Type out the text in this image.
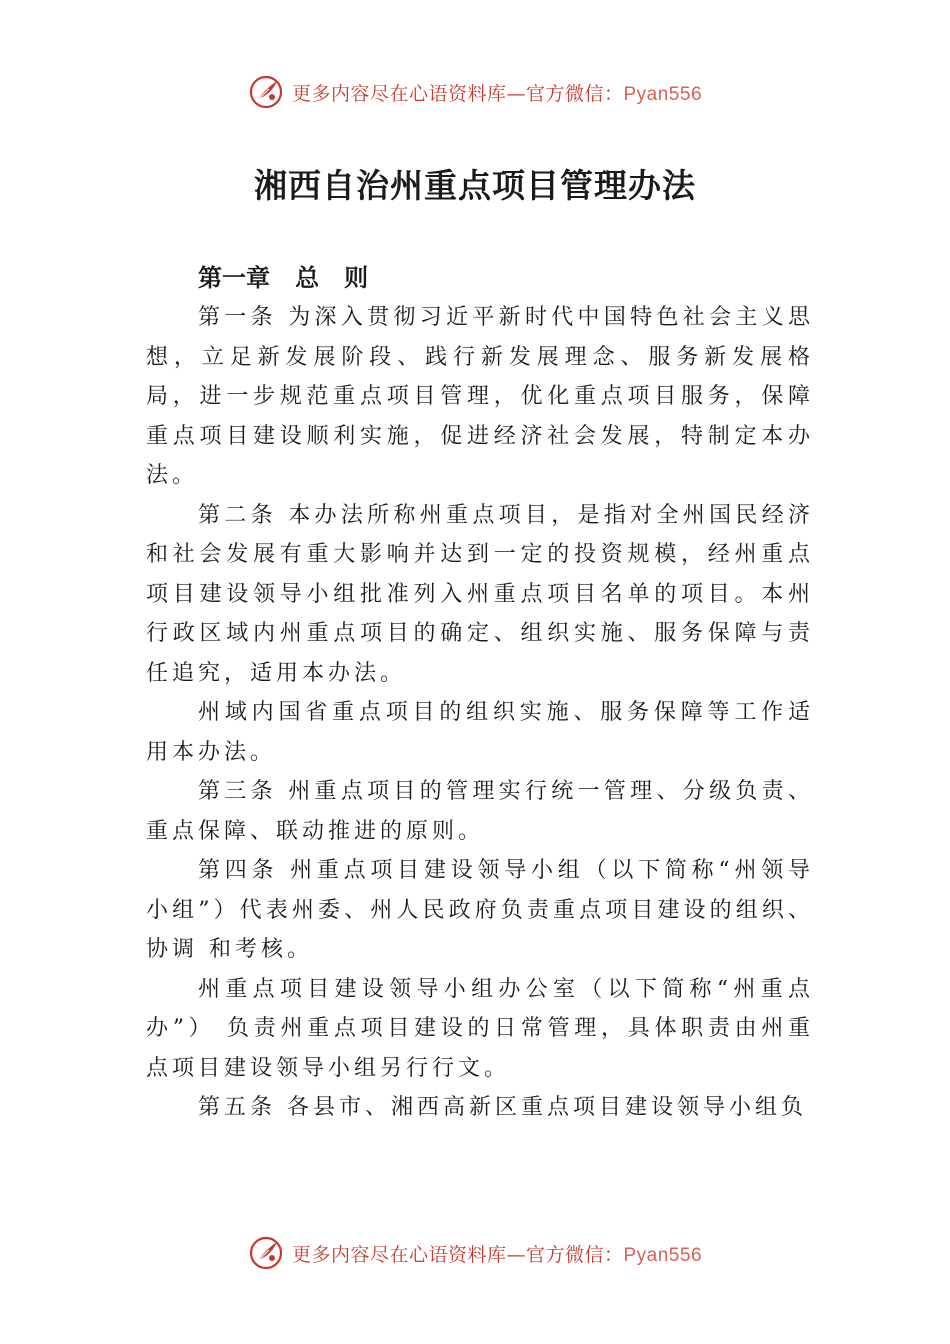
更多内容尽在心语资料库—官方微信：Pyan556
湘西自治州重点项目管理办法

第一章   总   则

第一条 为深入贯彻习近平新时代中国特色社会主义思想，立足新发展阶段、践行新发展理念、服务新发展格局，进一步规范重点项目管理，优化重点项目服务，保障重点项目建设顺利实施，促进经济社会发展，特制定本办法。

第二条 本办法所称州重点项目，是指对全州国民经济和社会发展有重大影响并达到一定的投资规模，经州重点项目建设领导小组批准列入州重点项目名单的项目。本州行政区域内州重点项目的确定、组织实施、服务保障与责任追究，适用本办法。

州域内国省重点项目的组织实施、服务保障等工作适用本办法。

第三条 州重点项目的管理实行统一管理、分级负责、重点保障、联动推进的原则。

第四条 州重点项目建设领导小组（以下简称“州领导小组”）代表州委、州人民政府负责重点项目建设的组织、协调 和考核。

州重点项目建设领导小组办公室（以下简称“州重点办”） 负责州重点项目建设的日常管理，具体职责由州重点项目建设领导小组另行行文。

第五条 各县市、湘西高新区重点项目建设领导小组负

更多内容尽在心语资料库—官方微信：Pyan556
